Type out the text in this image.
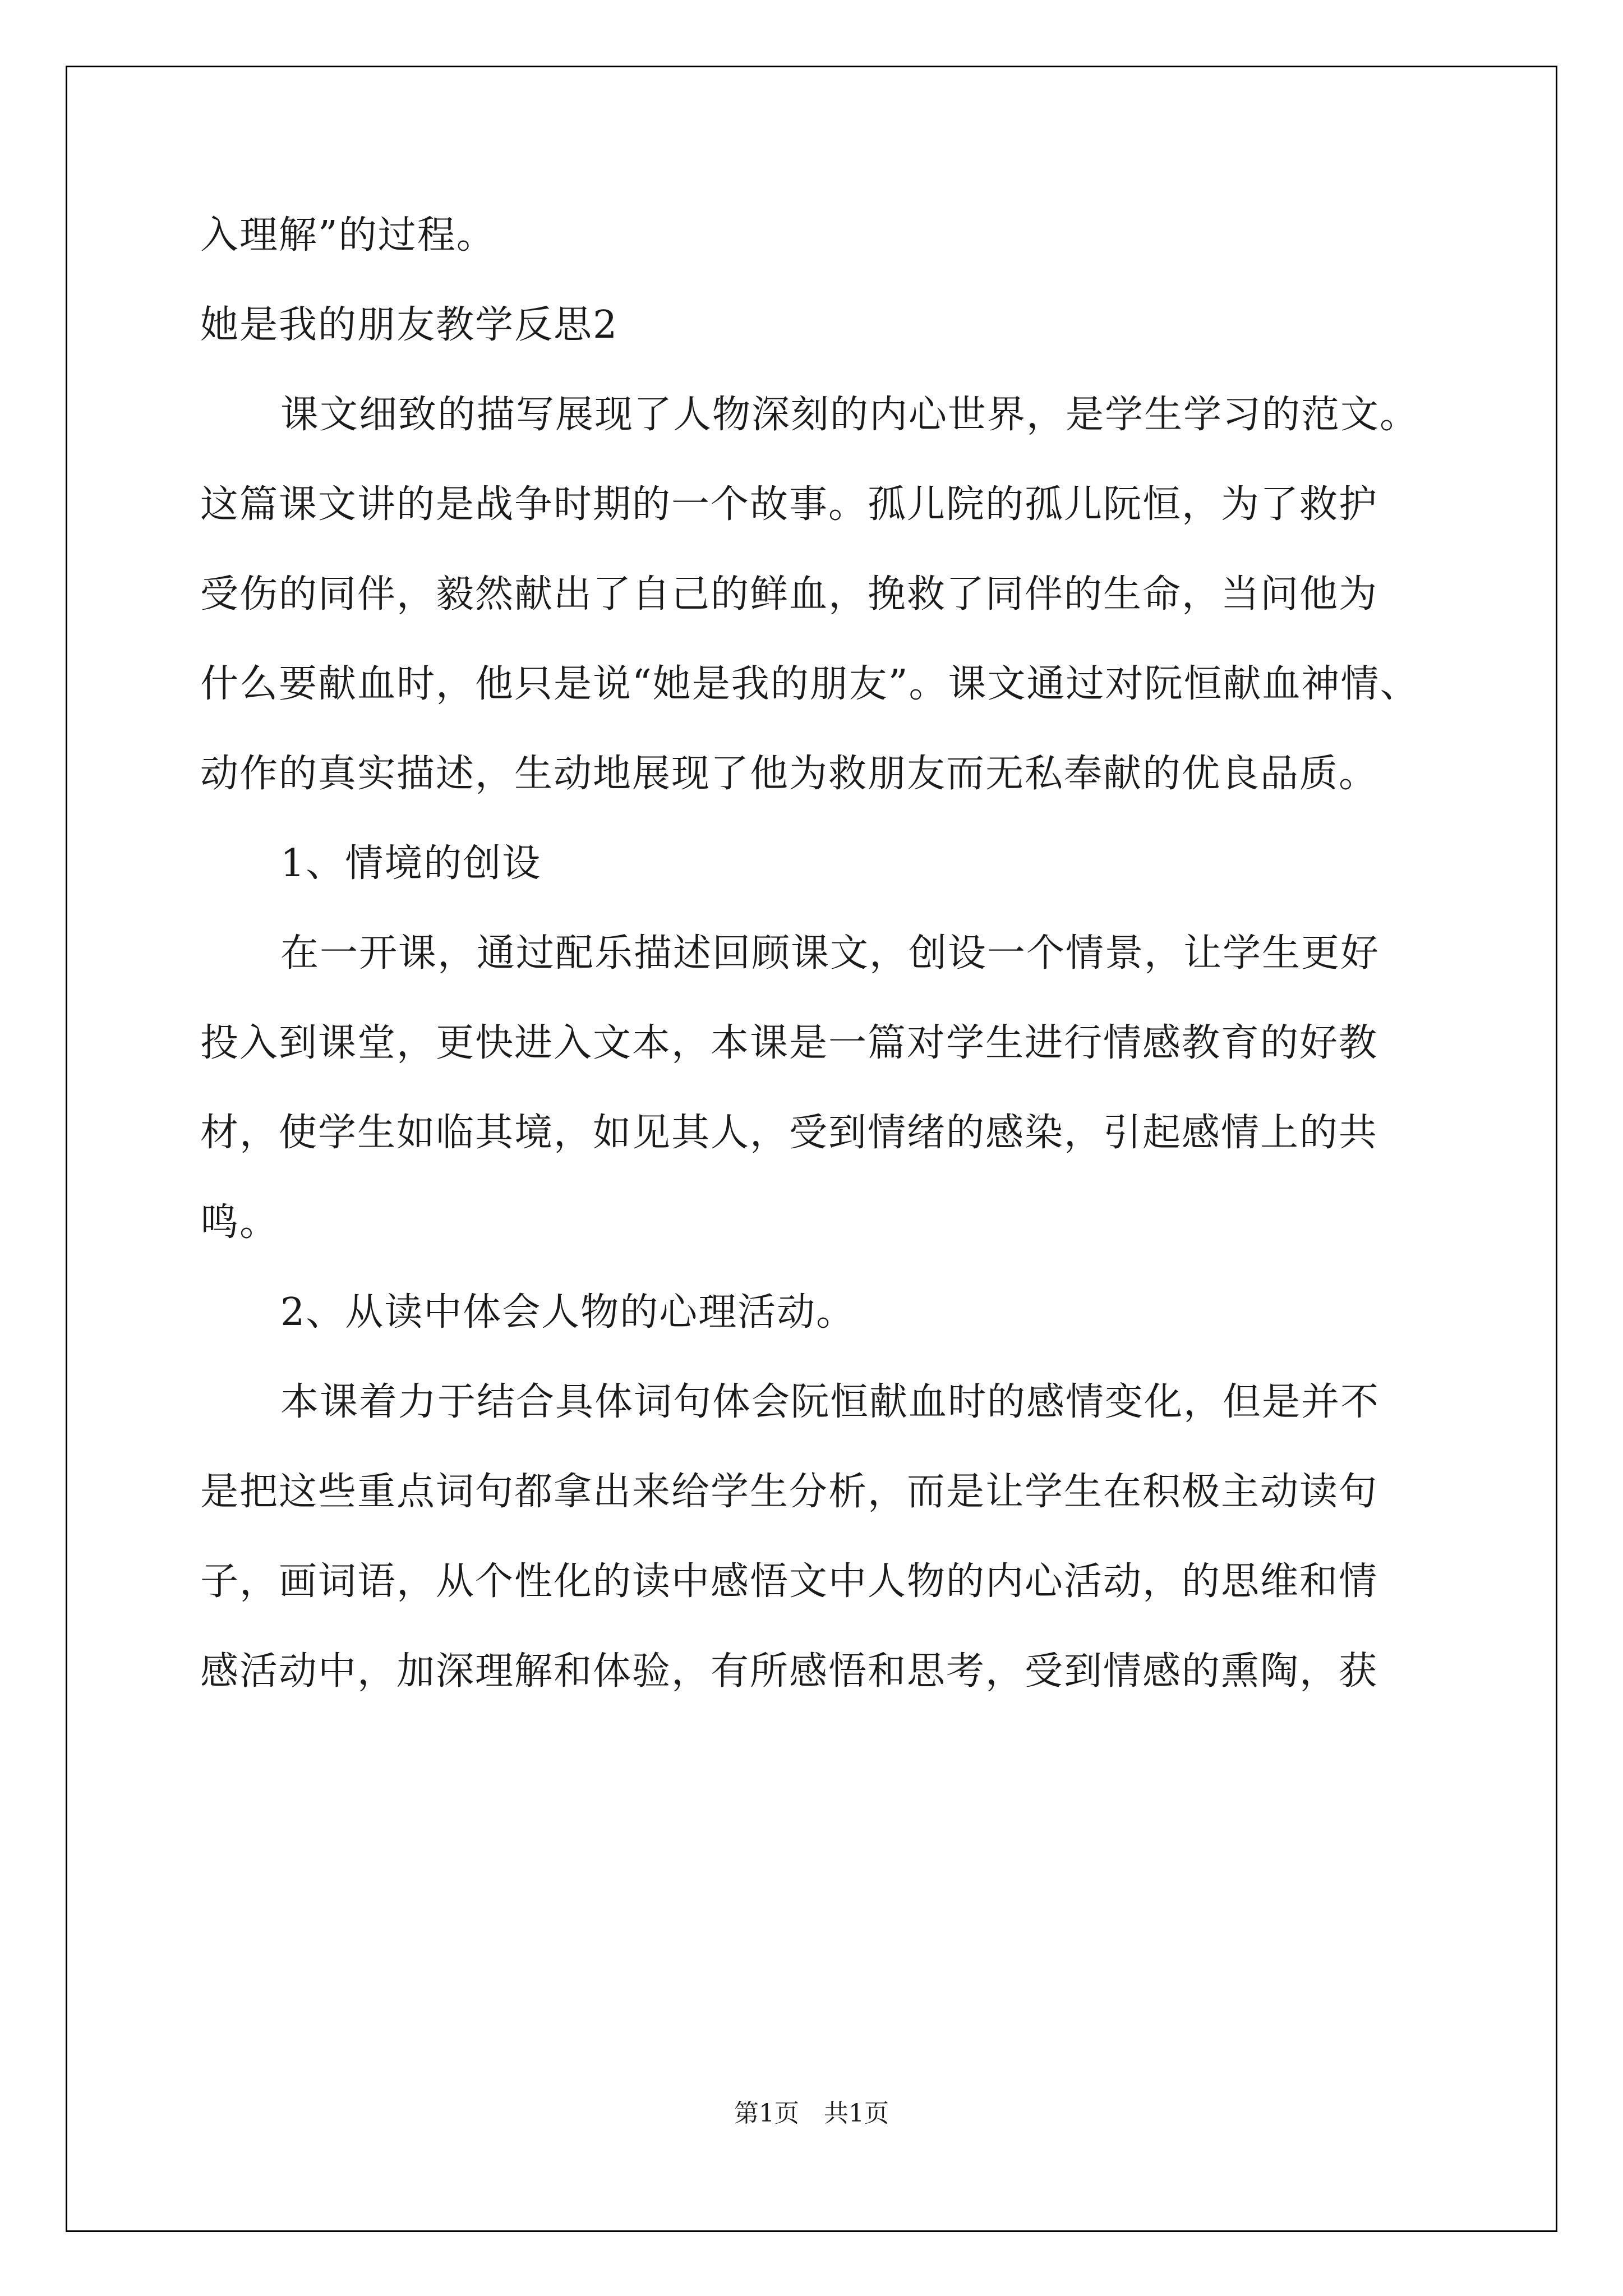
入理解”的过程。
她是我的朋友教学反思2
课文细致的描写展现了人物深刻的内心世界，是学生学习的范文。
这篇课文讲的是战争时期的一个故事。孤儿院的孤儿阮恒，为了救护
受伤的同伴，毅然献出了自己的鲜血，挽救了同伴的生命，当问他为
什么要献血时，他只是说“她是我的朋友”。课文通过对阮恒献血神情、
动作的真实描述，生动地展现了他为救朋友而无私奉献的优良品质。
1、情境的创设
在一开课，通过配乐描述回顾课文，创设一个情景，让学生更好
投入到课堂，更快进入文本，本课是一篇对学生进行情感教育的好教
材，使学生如临其境，如见其人，受到情绪的感染，引起感情上的共
鸣。
2、从读中体会人物的心理活动。
本课着力于结合具体词句体会阮恒献血时的感情变化，但是并不
是把这些重点词句都拿出来给学生分析，而是让学生在积极主动读句
子，画词语，从个性化的读中感悟文中人物的内心活动，的思维和情
感活动中，加深理解和体验，有所感悟和思考，受到情感的熏陶，获
第1页　共1页
